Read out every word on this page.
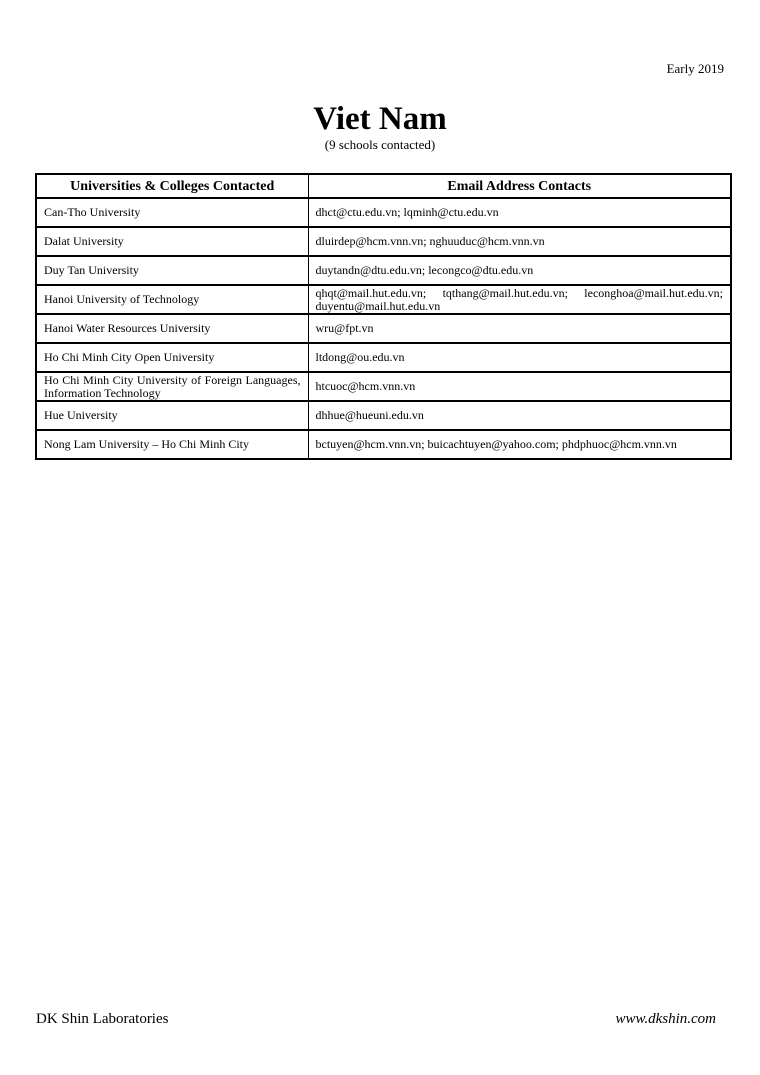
Early 2019
Viet Nam
(9 schools contacted)
Universities & Colleges Contacted	Email Address Contacts
Can-Tho University	dhct@ctu.edu.vn; lqminh@ctu.edu.vn
Dalat University	dluirdep@hcm.vnn.vn; nghuuduc@hcm.vnn.vn
Duy Tan University	duytandn@dtu.edu.vn; lecongco@dtu.edu.vn
Hanoi University of Technology	qhqt@mail.hut.edu.vn; tqthang@mail.hut.edu.vn; leconghoa@mail.hut.edu.vn; duyentu@mail.hut.edu.vn
Hanoi Water Resources University	wru@fpt.vn
Ho Chi Minh City Open University	ltdong@ou.edu.vn
Ho Chi Minh City University of Foreign Languages, Information Technology	htcuoc@hcm.vnn.vn
Hue University	dhhue@hueuni.edu.vn
Nong Lam University – Ho Chi Minh City	bctuyen@hcm.vnn.vn; buicachtuyen@yahoo.com; phdphuoc@hcm.vnn.vn
DK Shin Laboratories	www.dkshin.com
